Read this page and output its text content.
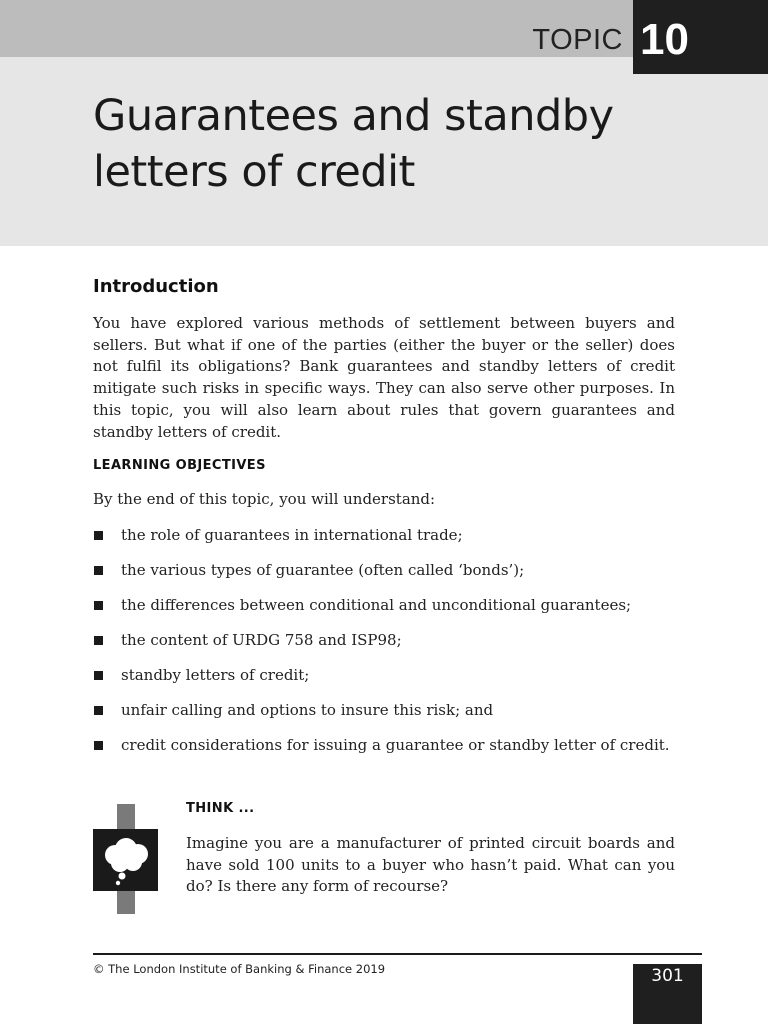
TOPIC 10
Guarantees and standby letters of credit
Introduction

You have explored various methods of settlement between buyers and sellers. But what if one of the parties (either the buyer or the seller) does not fulfil its obligations? Bank guarantees and standby letters of credit mitigate such risks in specific ways. They can also serve other purposes. In this topic, you will also learn about rules that govern guarantees and standby letters of credit.

LEARNING OBJECTIVES

By the end of this topic, you will understand:

the role of guarantees in international trade;
the various types of guarantee (often called ‘bonds’);
the differences between conditional and unconditional guarantees;
the content of URDG 758 and ISP98;
standby letters of credit;
unfair calling and options to insure this risk; and
credit considerations for issuing a guarantee or standby letter of credit.
THINK ...

Imagine you are a manufacturer of printed circuit boards and have sold 100 units to a buyer who hasn’t paid. What can you do? Is there any form of recourse?

© The London Institute of Banking & Finance 2019	301
